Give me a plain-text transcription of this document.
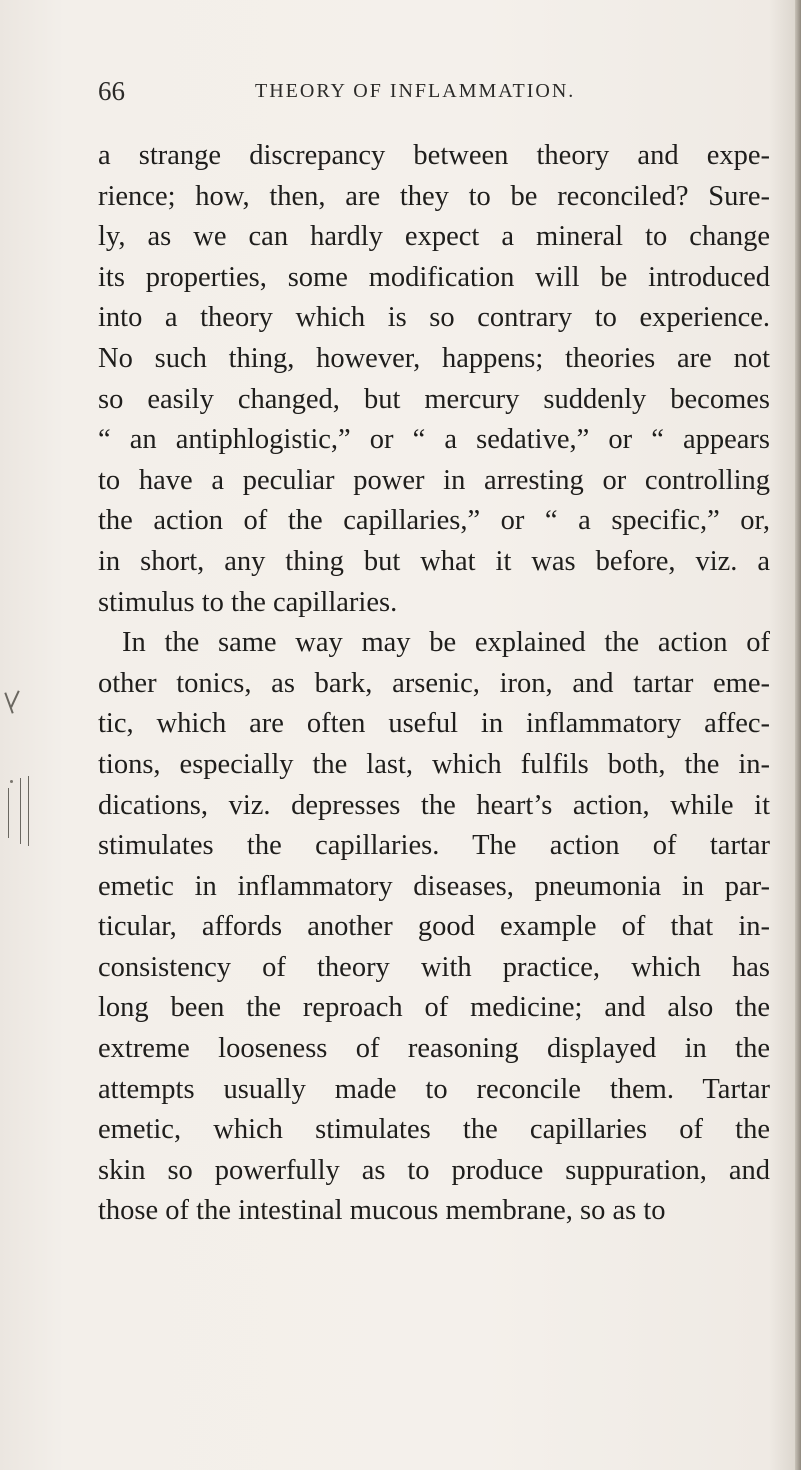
66	THEORY OF INFLAMMATION.
a strange discrepancy between theory and expe-
rience; how, then, are they to be reconciled? Sure-
ly, as we can hardly expect a mineral to change
its properties, some modification will be introduced
into a theory which is so contrary to experience.
No such thing, however, happens; theories are not
so easily changed, but mercury suddenly becomes
“ an antiphlogistic,” or “ a sedative,” or “ appears
to have a peculiar power in arresting or controlling
the action of the capillaries,” or “ a specific,” or,
in short, any thing but what it was before, viz. a
stimulus to the capillaries.
In the same way may be explained the action of
other tonics, as bark, arsenic, iron, and tartar eme-
tic, which are often useful in inflammatory affec-
tions, especially the last, which fulfils both, the in-
dications, viz. depresses the heart’s action, while it
stimulates the capillaries. The action of tartar
emetic in inflammatory diseases, pneumonia in par-
ticular, affords another good example of that in-
consistency of theory with practice, which has
long been the reproach of medicine; and also the
extreme looseness of reasoning displayed in the
attempts usually made to reconcile them. Tartar
emetic, which stimulates the capillaries of the
skin so powerfully as to produce suppuration, and
those of the intestinal mucous membrane, so as to
